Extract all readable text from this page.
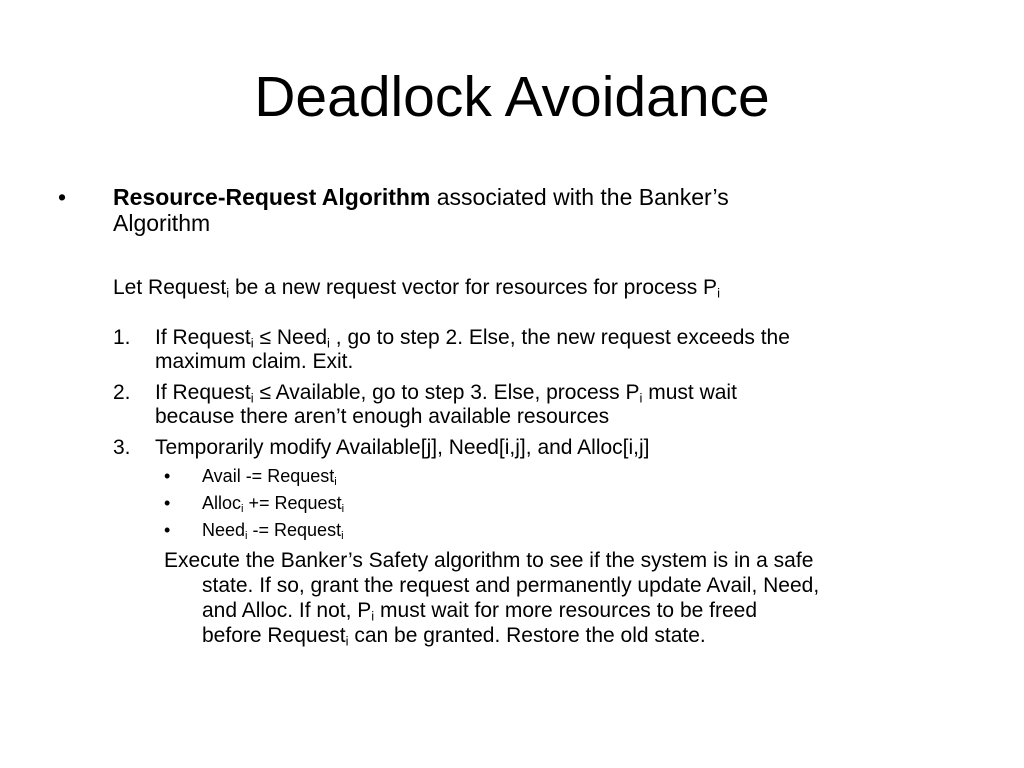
Deadlock Avoidance
• Resource-Request Algorithm associated with the Banker’s
Algorithm
Let Request$_i$ be a new request vector for resources for process $P_i$
1. If Request$_i$ ≤ Need$_i$ , go to step 2. Else, the new request exceeds the
maximum claim. Exit.
2. If Request$_i$ ≤ Available, go to step 3. Else, process $P_i$ must wait
because there aren’t enough available resources
3. Temporarily modify Available[j], Need[i,j], and Alloc[i,j]
• Avail -= Request$_i$
• Alloc$_i$ += Request$_i$
• Need$_i$ -= Request$_i$
Execute the Banker’s Safety algorithm to see if the system is in a safe
state. If so, grant the request and permanently update Avail, Need,
and Alloc. If not, $P_i$ must wait for more resources to be freed
before Request$_i$ can be granted. Restore the old state.
